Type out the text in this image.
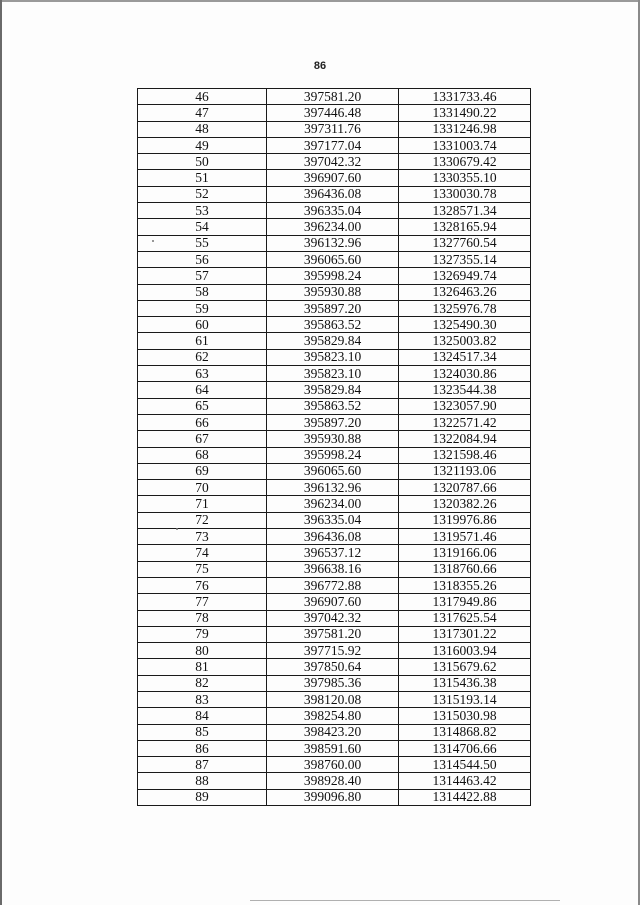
86
46	397581.20	1331733.46
47	397446.48	1331490.22
48	397311.76	1331246.98
49	397177.04	1331003.74
50	397042.32	1330679.42
51	396907.60	1330355.10
52	396436.08	1330030.78
53	396335.04	1328571.34
54	396234.00	1328165.94
55	396132.96	1327760.54
56	396065.60	1327355.14
57	395998.24	1326949.74
58	395930.88	1326463.26
59	395897.20	1325976.78
60	395863.52	1325490.30
61	395829.84	1325003.82
62	395823.10	1324517.34
63	395823.10	1324030.86
64	395829.84	1323544.38
65	395863.52	1323057.90
66	395897.20	1322571.42
67	395930.88	1322084.94
68	395998.24	1321598.46
69	396065.60	1321193.06
70	396132.96	1320787.66
71	396234.00	1320382.26
72	396335.04	1319976.86
73	396436.08	1319571.46
74	396537.12	1319166.06
75	396638.16	1318760.66
76	396772.88	1318355.26
77	396907.60	1317949.86
78	397042.32	1317625.54
79	397581.20	1317301.22
80	397715.92	1316003.94
81	397850.64	1315679.62
82	397985.36	1315436.38
83	398120.08	1315193.14
84	398254.80	1315030.98
85	398423.20	1314868.82
86	398591.60	1314706.66
87	398760.00	1314544.50
88	398928.40	1314463.42
89	399096.80	1314422.88
